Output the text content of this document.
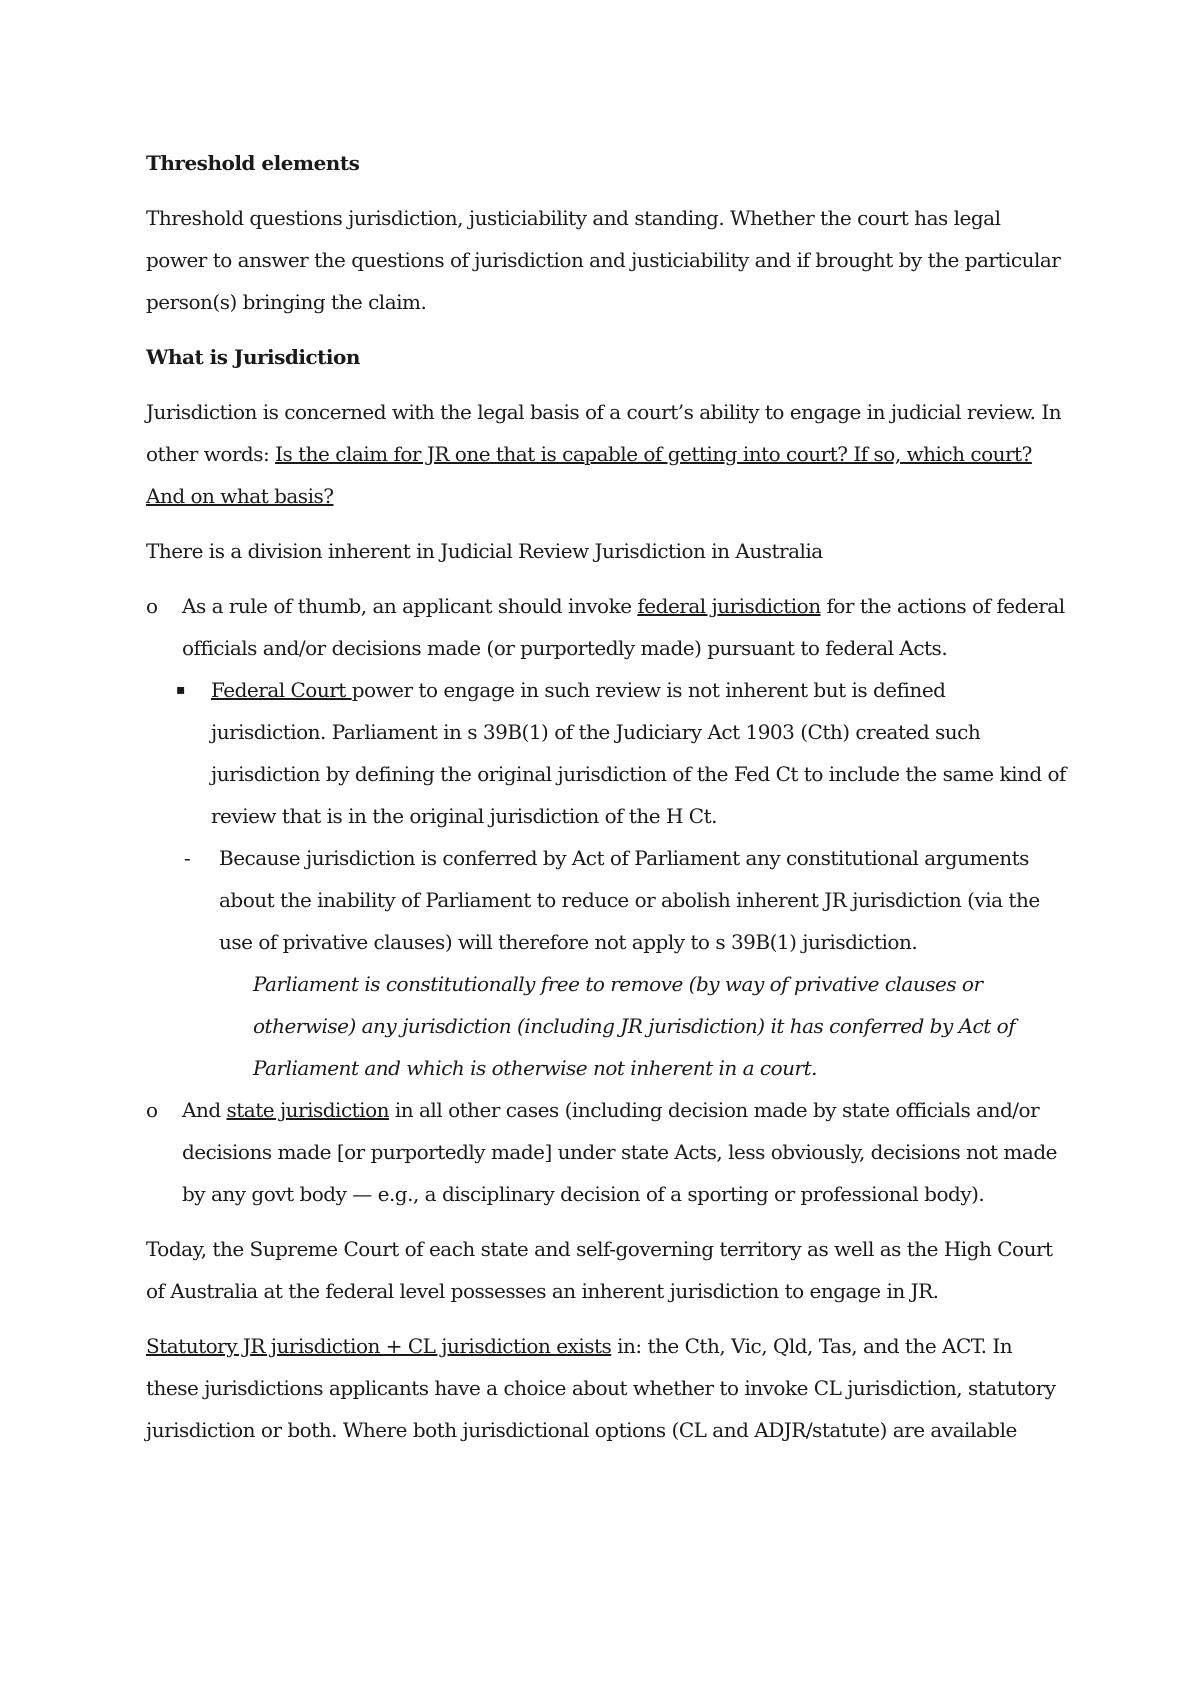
Threshold elements

Threshold questions jurisdiction, justiciability and standing. Whether the court has legal power to answer the questions of jurisdiction and justiciability and if brought by the particular person(s) bringing the claim.

What is Jurisdiction

Jurisdiction is concerned with the legal basis of a court’s ability to engage in judicial review. In other words: Is the claim for JR one that is capable of getting into court? If so, which court? And on what basis?

There is a division inherent in Judicial Review Jurisdiction in Australia

o As a rule of thumb, an applicant should invoke federal jurisdiction for the actions of federal officials and/or decisions made (or purportedly made) pursuant to federal Acts.
▪ Federal Court power to engage in such review is not inherent but is defined jurisdiction. Parliament in s 39B(1) of the Judiciary Act 1903 (Cth) created such jurisdiction by defining the original jurisdiction of the Fed Ct to include the same kind of review that is in the original jurisdiction of the H Ct.
- Because jurisdiction is conferred by Act of Parliament any constitutional arguments about the inability of Parliament to reduce or abolish inherent JR jurisdiction (via the use of privative clauses) will therefore not apply to s 39B(1) jurisdiction.
Parliament is constitutionally free to remove (by way of privative clauses or otherwise) any jurisdiction (including JR jurisdiction) it has conferred by Act of Parliament and which is otherwise not inherent in a court.
o And state jurisdiction in all other cases (including decision made by state officials and/or decisions made [or purportedly made] under state Acts, less obviously, decisions not made by any govt body — e.g., a disciplinary decision of a sporting or professional body).

Today, the Supreme Court of each state and self-governing territory as well as the High Court of Australia at the federal level possesses an inherent jurisdiction to engage in JR.

Statutory JR jurisdiction + CL jurisdiction exists in: the Cth, Vic, Qld, Tas, and the ACT. In these jurisdictions applicants have a choice about whether to invoke CL jurisdiction, statutory jurisdiction or both. Where both jurisdictional options (CL and ADJR/statute) are available
